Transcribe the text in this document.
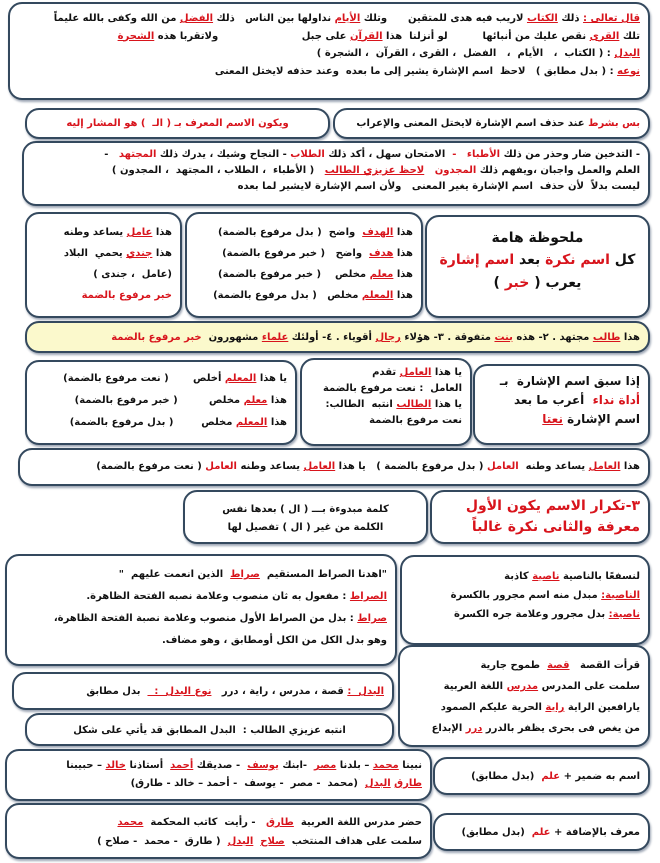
قال تعالى : ذلك الكتاب لاريب فيه هدى للمتقين      وتلك الأيام نداولها بين الناس   ذلك الفضل من الله وكفى بالله عليماً
تلك القرى نقص عليك من أنبائها          لو أنزلنا  هذا القرآن على جبل                        ولاتقربا هذه الشجرة
البدل : ( الكتاب  ،   الأيام  ،   الفضل  ، القرى ، القرآن  ، الشجرة )
نوعه : ( بدل مطابق )   لاحظ  اسم الإشارة يشير إلى ما بعده  وعند حذفه لايختل المعنى
بس بشرط عند حذف اسم الإشارة لايختل المعنى والإعراب
ويكون الاسم المعرف بـ ( الـ  ) هو المشار إليه
- التدخين ضار وحذر من ذلك الأطباء   -  الامتحان سهل ، أكد ذلك الطلاب - النجاح وشيك ، يدرك ذلك المجتهد   -
العلم والعمل واجبان ،ويفهم ذلك المجدون   لاحظ عزيزي الطالب   ( الأطباء  ، الطلاب ، المجتهد  ، المجدون )
ليست بدلاً  لأن حذف  اسم الإشارة يغير المعنى   ولأن اسم الإشارة لايشير لما بعده
ملحوظة هامة
كل اسم نكرة بعد اسم إشارة
يعرب ( خبر )
هذا الهدف  واضح  ( بدل مرفوع بالضمة)
هذا هدف  واضح   ( خبر مرفوع بالضمة)
هذا معلم مخلص    ( خبر مرفوع بالضمة)
هذا المعلم مخلص   ( بدل مرفوع بالضمة)
هذا عامل يساعد وطنه
هذا جندي يحمي  البلاد
(عامل  ، جندى )
خبر مرفوع بالضمة
هذا طالب مجتهد . ٢- هذه بنت متفوقة . ٣- هؤلاء رجال أقوياء . ٤- أولئك علماء مشهورون  خبر مرفوع بالضمة
إذا سبق اسم الإشارة  بـ
أداة نداء  أعرب ما بعد
اسم الإشارة نعتا
يا هذا العامل تقدم
العامل  : نعت مرفوع بالضمة
يا هذا الطالب انتبه  الطالب:
نعت مرفوع بالضمة
يا هذا المعلم أخلص       ( نعت مرفوع بالضمة)
هذا معلم مخلص         ( خبر مرفوع بالضمة)
هذا المعلم مخلص        ( بدل مرفوع بالضمة)
هذا العامل يساعد وطنه  العامل ( بدل مرفوع بالضمة )   يا هذا العامل يساعد وطنه العامل ( نعت مرفوع بالضمة)
٣-تكرار الاسم يكون الأول
معرفة والثانى نكرة غالباً
كلمة مبدوءة بـــ ( ال ) بعدها نفس
الكلمة من غير ( ال ) تفصيل لها
لنسفعًا بالناصية ناصية كاذبة
الناصية: مبدل منه اسم مجرور بالكسرة
ناصية: بدل مجرور وعلامة جره الكسرة
"اهدنا الصراط المستقيم  صراط  الذين انعمت عليهم  "
الصراط : مفعول به ثان منصوب وعلامة نصبه الفتحة الظاهرة.
صراط : بدل من الصراط الأول منصوب وعلامة نصبة الفتحة الظاهرة،
وهو بدل الكل من الكل أومطابق ، وهو مضاف.
قرأت القصة   قصة  طموح جارية
سلمت على المدرس مدرس اللغة العربية
يارافعين الراية راية الحرية عليكم الصمود
من يغص فى بحرى يظفر بالدرر درر الإبداع
البدل  : قصة ، مدرس ، راية ، درر   نوع البدل  :    بدل مطابق
انتبه عزيزي الطالب :  البدل المطابق قد يأتي على شكل
نبينا محمد – بلدنا مصر  -ابنك يوسف  - صديقك أحمد  أستاذنا خالد – حبيبنا
طارق البدل  (محمد  - مصر  - يوسف  - أحمد – خالد - طارق)
اسم به ضمير + علم  (بدل مطابق)
حضر مدرس اللغة العربية  طارق   - رأيت  كاتب المحكمة  محمد
سلمت على هداف المنتخب  صلاح  البدل  ( طارق  - محمد  - صلاح )
معرف بالإضافة + علم  (بدل مطابق)
